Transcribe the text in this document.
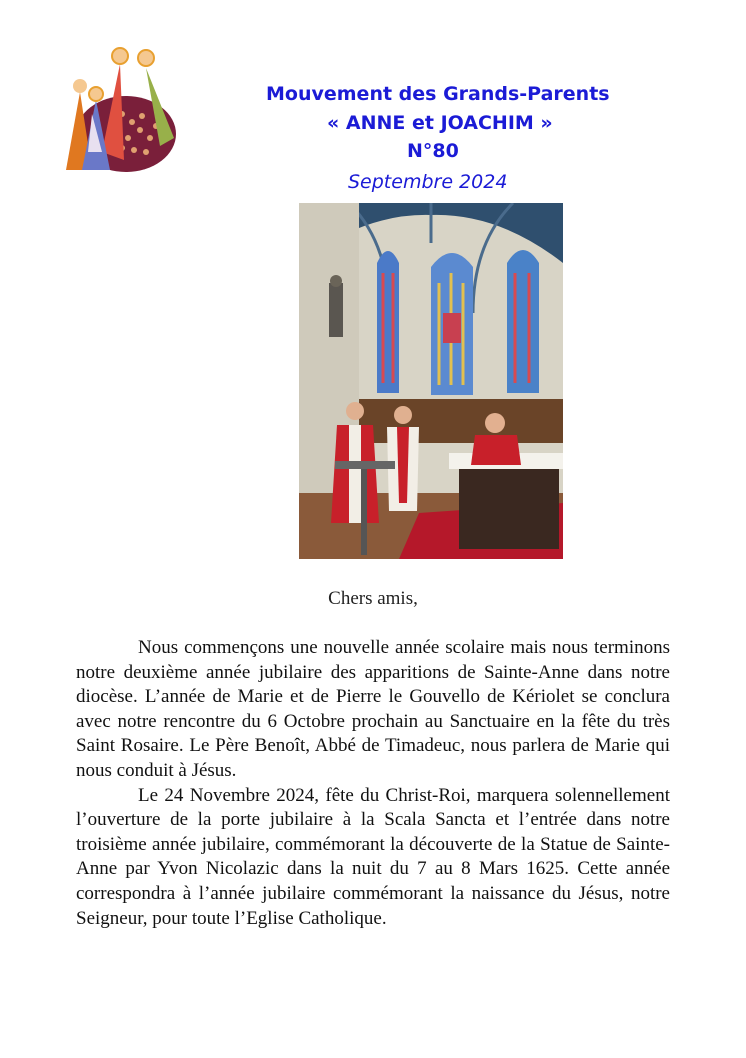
Mouvement des Grands-Parents
« ANNE et JOACHIM »
N°80
Septembre 2024
Chers amis,

Nous commençons une nouvelle année scolaire mais nous terminons notre deuxième année jubilaire des apparitions de Sainte-Anne dans notre diocèse. L’année de Marie et de Pierre le Gouvello de Kériolet se conclura avec notre rencontre du 6 Octobre prochain au Sanctuaire en la fête du très Saint Rosaire. Le Père Benoît, Abbé de Timadeuc, nous parlera de Marie qui nous conduit à Jésus.

Le 24 Novembre 2024, fête du Christ-Roi, marquera solennellement l’ouverture de la porte jubilaire à la Scala Sancta et l’entrée dans notre troisième année jubilaire, commémorant la découverte de la Statue de Sainte-Anne par Yvon Nicolazic dans la nuit du 7 au 8 Mars 1625. Cette année correspondra à l’année jubilaire commémorant la naissance du Jésus, notre Seigneur, pour toute l’Eglise Catholique.
